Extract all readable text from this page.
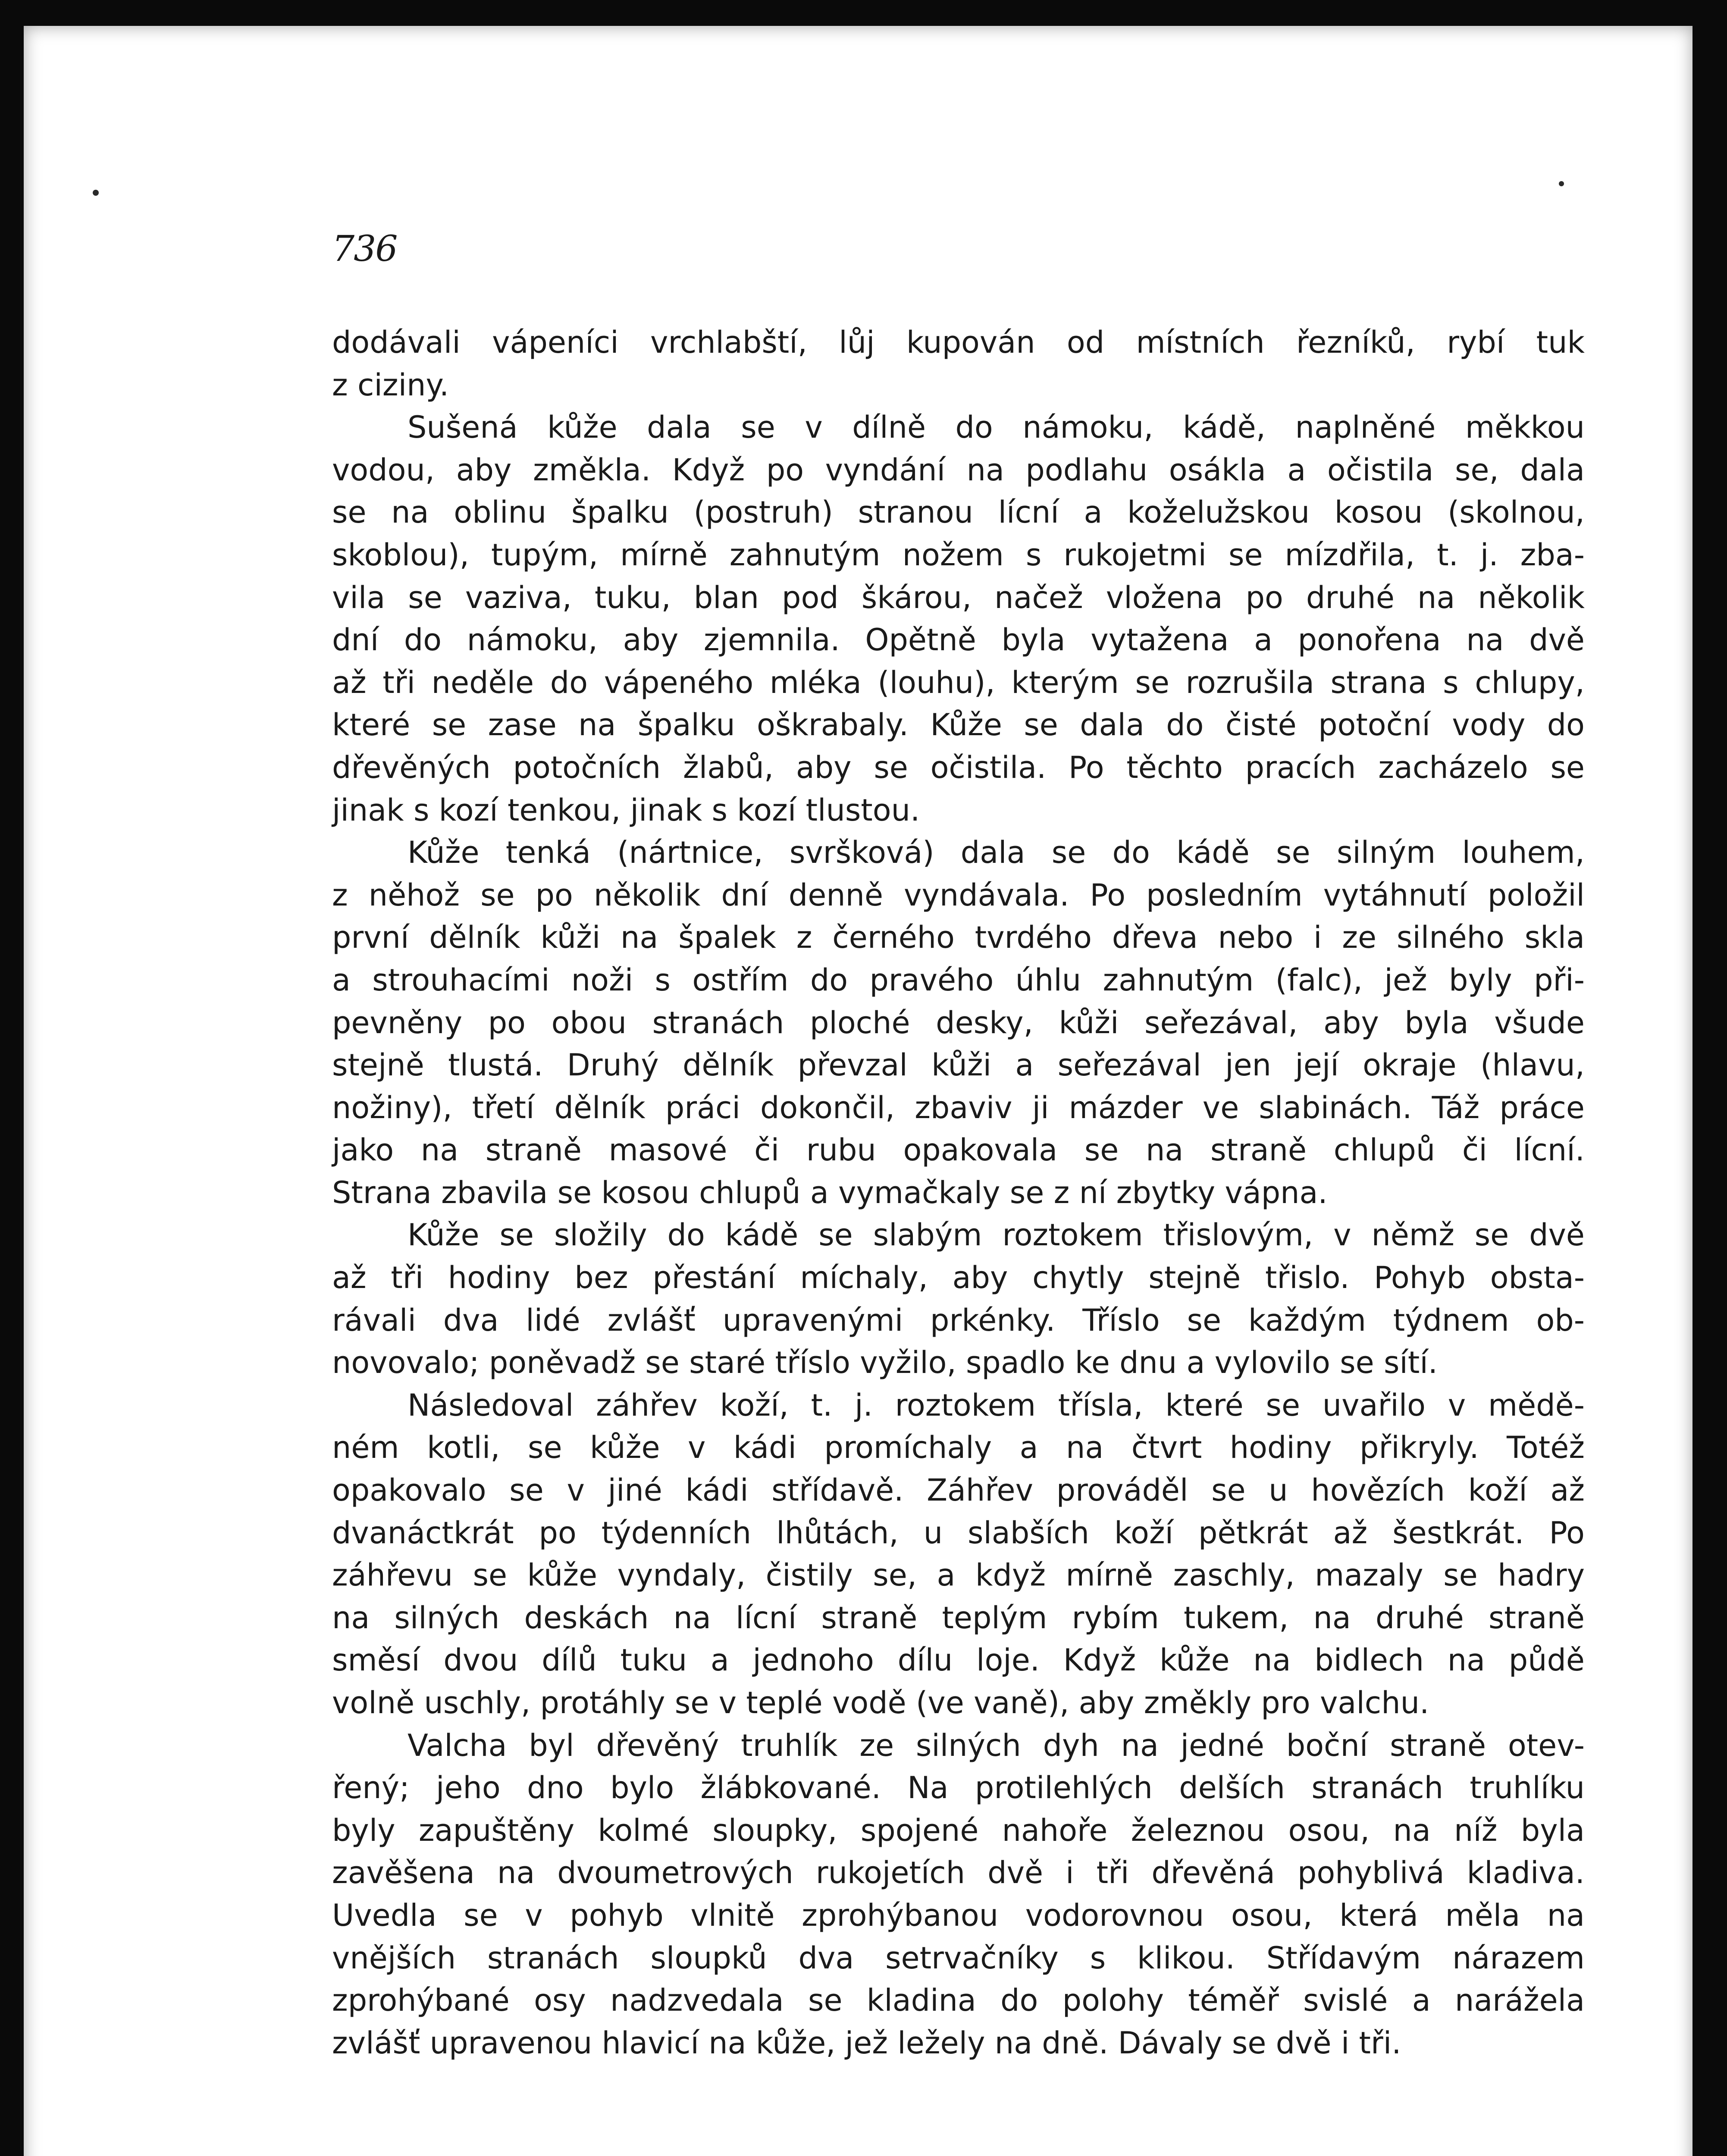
736
dodávali vápeníci vrchlabští, lůj kupován od místních řezníků, rybí tuk
z ciziny.
Sušená kůže dala se v dílně do námoku, kádě, naplněné měkkou
vodou, aby změkla. Když po vyndání na podlahu osákla a očistila se, dala
se na oblinu špalku (postruh) stranou lícní a koželužskou kosou (skolnou,
skoblou), tupým, mírně zahnutým nožem s rukojetmi se mízdřila, t. j. zba-
vila se vaziva, tuku, blan pod škárou, načež vložena po druhé na několik
dní do námoku, aby zjemnila. Opětně byla vytažena a ponořena na dvě
až tři neděle do vápeného mléka (louhu), kterým se rozrušila strana s chlupy,
které se zase na špalku oškrabaly. Kůže se dala do čisté potoční vody do
dřevěných potočních žlabů, aby se očistila. Po těchto pracích zacházelo se
jinak s kozí tenkou, jinak s kozí tlustou.
Kůže tenká (nártnice, svršková) dala se do kádě se silným louhem,
z něhož se po několik dní denně vyndávala. Po posledním vytáhnutí položil
první dělník kůži na špalek z černého tvrdého dřeva nebo i ze silného skla
a strouhacími noži s ostřím do pravého úhlu zahnutým (falc), jež byly při-
pevněny po obou stranách ploché desky, kůži seřezával, aby byla všude
stejně tlustá. Druhý dělník převzal kůži a seřezával jen její okraje (hlavu,
nožiny), třetí dělník práci dokončil, zbaviv ji mázder ve slabinách. Táž práce
jako na straně masové či rubu opakovala se na straně chlupů či lícní.
Strana zbavila se kosou chlupů a vymačkaly se z ní zbytky vápna.
Kůže se složily do kádě se slabým roztokem třislovým, v němž se dvě
až tři hodiny bez přestání míchaly, aby chytly stejně třislo. Pohyb obsta-
rávali dva lidé zvlášť upravenými prkénky. Tříslo se každým týdnem ob-
novovalo; poněvadž se staré tříslo vyžilo, spadlo ke dnu a vylovilo se sítí.
Následoval záhřev koží, t. j. roztokem třísla, které se uvařilo v mědě-
ném kotli, se kůže v kádi promíchaly a na čtvrt hodiny přikryly. Totéž
opakovalo se v jiné kádi střídavě. Záhřev prováděl se u hovězích koží až
dvanáctkrát po týdenních lhůtách, u slabších koží pětkrát až šestkrát. Po
záhřevu se kůže vyndaly, čistily se, a když mírně zaschly, mazaly se hadry
na silných deskách na lícní straně teplým rybím tukem, na druhé straně
směsí dvou dílů tuku a jednoho dílu loje. Když kůže na bidlech na půdě
volně uschly, protáhly se v teplé vodě (ve vaně), aby změkly pro valchu.
Valcha byl dřevěný truhlík ze silných dyh na jedné boční straně otev-
řený; jeho dno bylo žlábkované. Na protilehlých delších stranách truhlíku
byly zapuštěny kolmé sloupky, spojené nahoře železnou osou, na níž byla
zavěšena na dvoumetrových rukojetích dvě i tři dřevěná pohyblivá kladiva.
Uvedla se v pohyb vlnitě zprohýbanou vodorovnou osou, která měla na
vnějších stranách sloupků dva setrvačníky s klikou. Střídavým nárazem
zprohýbané osy nadzvedala se kladina do polohy téměř svislé a narážela
zvlášť upravenou hlavicí na kůže, jež ležely na dně. Dávaly se dvě i tři.
